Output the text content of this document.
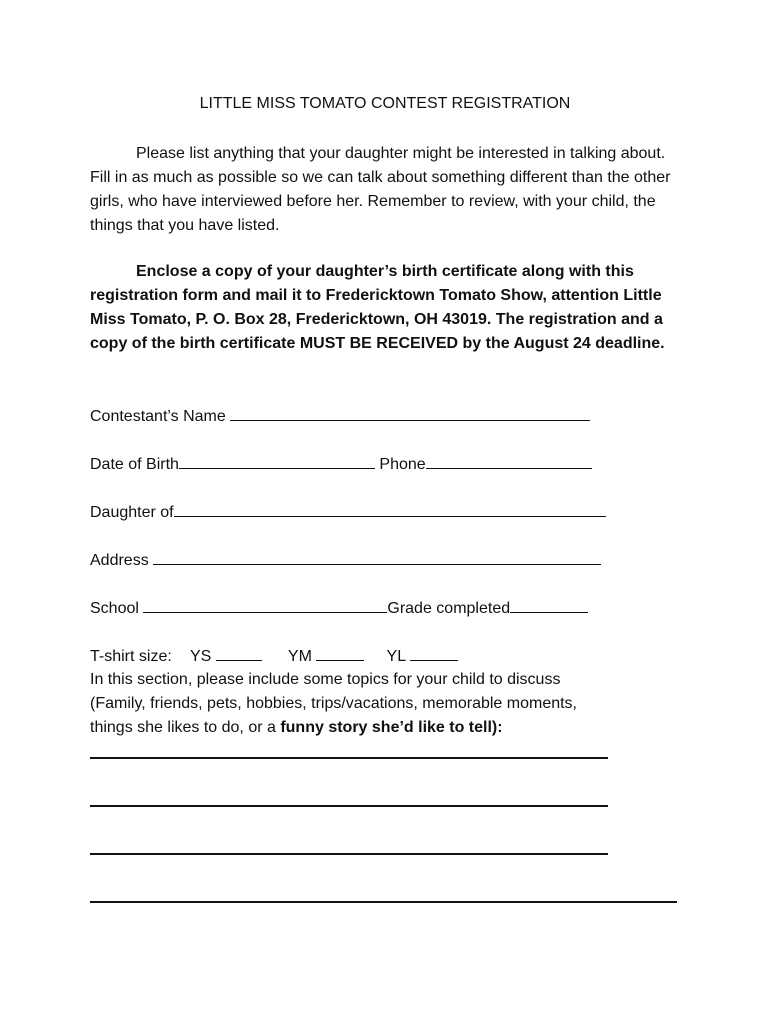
LITTLE MISS TOMATO CONTEST REGISTRATION

Please list anything that your daughter might be interested in talking about. Fill in as much as possible so we can talk about something different than the other girls, who have interviewed before her. Remember to review, with your child, the things that you have listed.

Enclose a copy of your daughter’s birth certificate along with this registration form and mail it to Fredericktown Tomato Show, attention Little Miss Tomato, P. O. Box 28, Fredericktown, OH 43019. The registration and a copy of the birth certificate MUST BE RECEIVED by the August 24 deadline.

Contestant’s Name
Date of Birth	Phone
Daughter of
Address
School	Grade completed
T-shirt size: YS	YM	YL
In this section, please include some topics for your child to discuss
(Family, friends, pets, hobbies, trips/vacations, memorable moments,
things she likes to do, or a funny story she’d like to tell):
